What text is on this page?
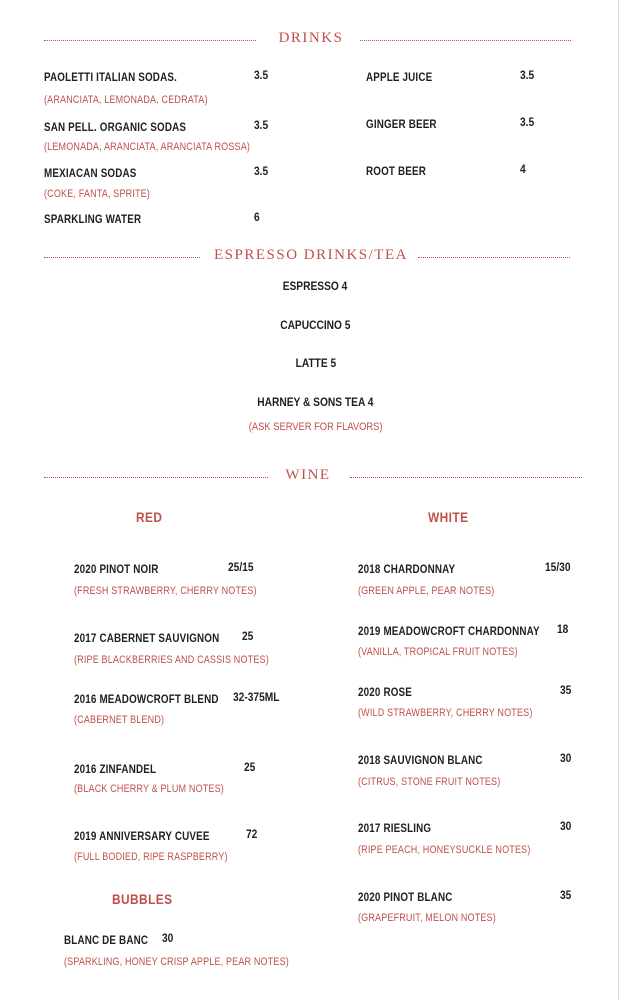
DRINKS
PAOLETTI ITALIAN SODAS.	3.5
(ARANCIATA, LEMONADA, CEDRATA)
SAN PELL. ORGANIC SODAS	3.5
(LEMONADA, ARANCIATA, ARANCIATA ROSSA)
MEXIACAN SODAS	3.5
(COKE, FANTA, SPRITE)
SPARKLING WATER	6
APPLE JUICE	3.5
GINGER BEER	3.5
ROOT BEER	4
ESPRESSO DRINKS/TEA
ESPRESSO 4
CAPUCCINO 5
LATTE 5
HARNEY & SONS TEA 4
(ASK SERVER FOR FLAVORS)
WINE
RED	WHITE
2020 PINOT NOIR	25/15
(FRESH STRAWBERRY, CHERRY NOTES)
2017 CABERNET SAUVIGNON	25
(RIPE BLACKBERRIES AND CASSIS NOTES)
2016 MEADOWCROFT BLEND	32-375ML
(CABERNET BLEND)
2016 ZINFANDEL	25
(BLACK CHERRY & PLUM NOTES)
2019 ANNIVERSARY CUVEE	72
(FULL BODIED, RIPE RASPBERRY)
BUBBLES
BLANC DE BANC	30
(SPARKLING, HONEY CRISP APPLE, PEAR NOTES)
2018 CHARDONNAY	15/30
(GREEN APPLE, PEAR NOTES)
2019 MEADOWCROFT CHARDONNAY	18
(VANILLA, TROPICAL FRUIT NOTES)
2020 ROSE	35
(WILD STRAWBERRY, CHERRY NOTES)
2018 SAUVIGNON BLANC	30
(CITRUS, STONE FRUIT NOTES)
2017 RIESLING	30
(RIPE PEACH, HONEYSUCKLE NOTES)
2020 PINOT BLANC	35
(GRAPEFRUIT, MELON NOTES)
